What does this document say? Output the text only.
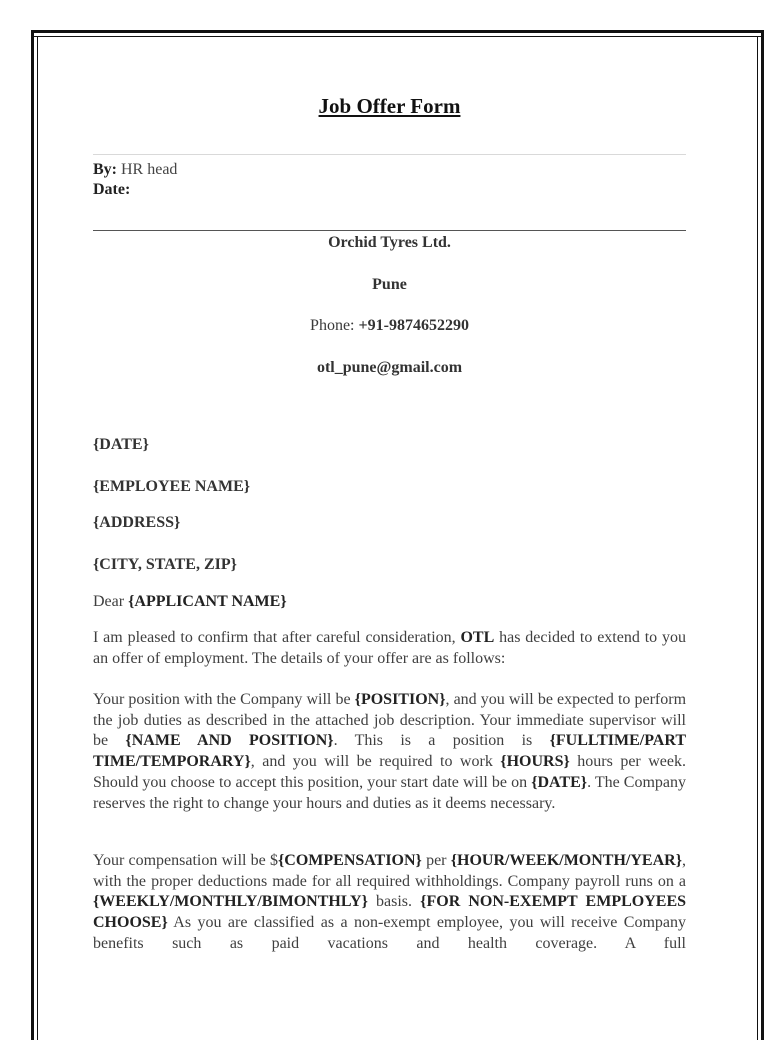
Job Offer Form
By: HR head
Date:
Orchid Tyres Ltd.
Pune
Phone: +91-9874652290
otl_pune@gmail.com
{DATE}
{EMPLOYEE NAME}
{ADDRESS}
{CITY, STATE, ZIP}
Dear {APPLICANT NAME}
I am pleased to confirm that after careful consideration, OTL has decided to extend to you an offer of employment. The details of your offer are as follows:
Your position with the Company will be {POSITION}, and you will be expected to perform the job duties as described in the attached job description. Your immediate supervisor will be {NAME AND POSITION}. This is a position is {FULLTIME/PART TIME/TEMPORARY}, and you will be required to work {HOURS} hours per week. Should you choose to accept this position, your start date will be on {DATE}. The Company reserves the right to change your hours and duties as it deems necessary.
Your compensation will be ${COMPENSATION} per {HOUR/WEEK/MONTH/YEAR}, with the proper deductions made for all required withholdings. Company payroll runs on a {WEEKLY/MONTHLY/BIMONTHLY} basis. {FOR NON-EXEMPT EMPLOYEES CHOOSE} As you are classified as a non-exempt employee, you will receive Company benefits such as paid vacations and health coverage. A full
